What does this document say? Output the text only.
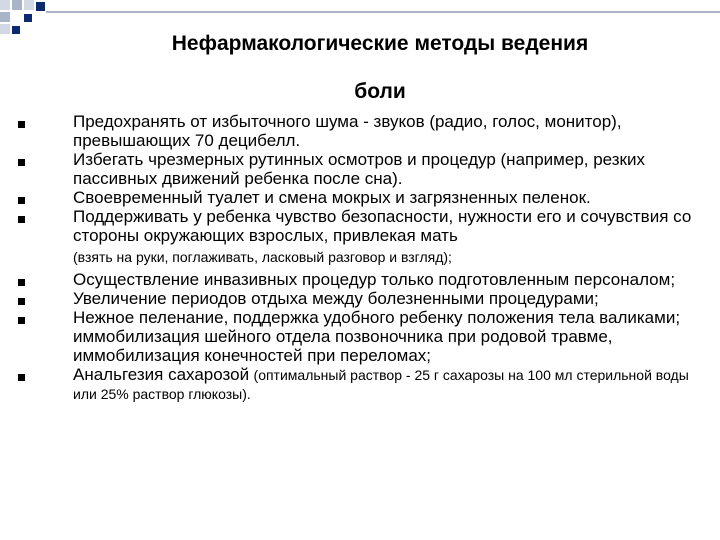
Нефармакологические методы ведения
боли
Предохранять от избыточного шума - звуков (радио, голос, монитор), превышающих 70 децибелл.
Избегать чрезмерных рутинных осмотров и процедур (например, резких пассивных движений ребенка после сна).
Своевременный туалет и смена мокрых и загрязненных пеленок.
Поддерживать у ребенка чувство безопасности, нужности его и сочувствия со стороны окружающих взрослых, привлекая мать
(взять на руки, поглаживать, ласковый разговор и взгляд);
Осуществление инвазивных процедур только подготовленным персоналом;
Увеличение периодов отдыха между болезненными процедурами;
Нежное пеленание, поддержка удобного ребенку положения тела валиками; иммобилизация шейного отдела позвоночника при родовой травме, иммобилизация конечностей при переломах;
Анальгезия сахарозой (оптимальный раствор - 25 г сахарозы на 100 мл стерильной воды или 25% раствор глюкозы).
